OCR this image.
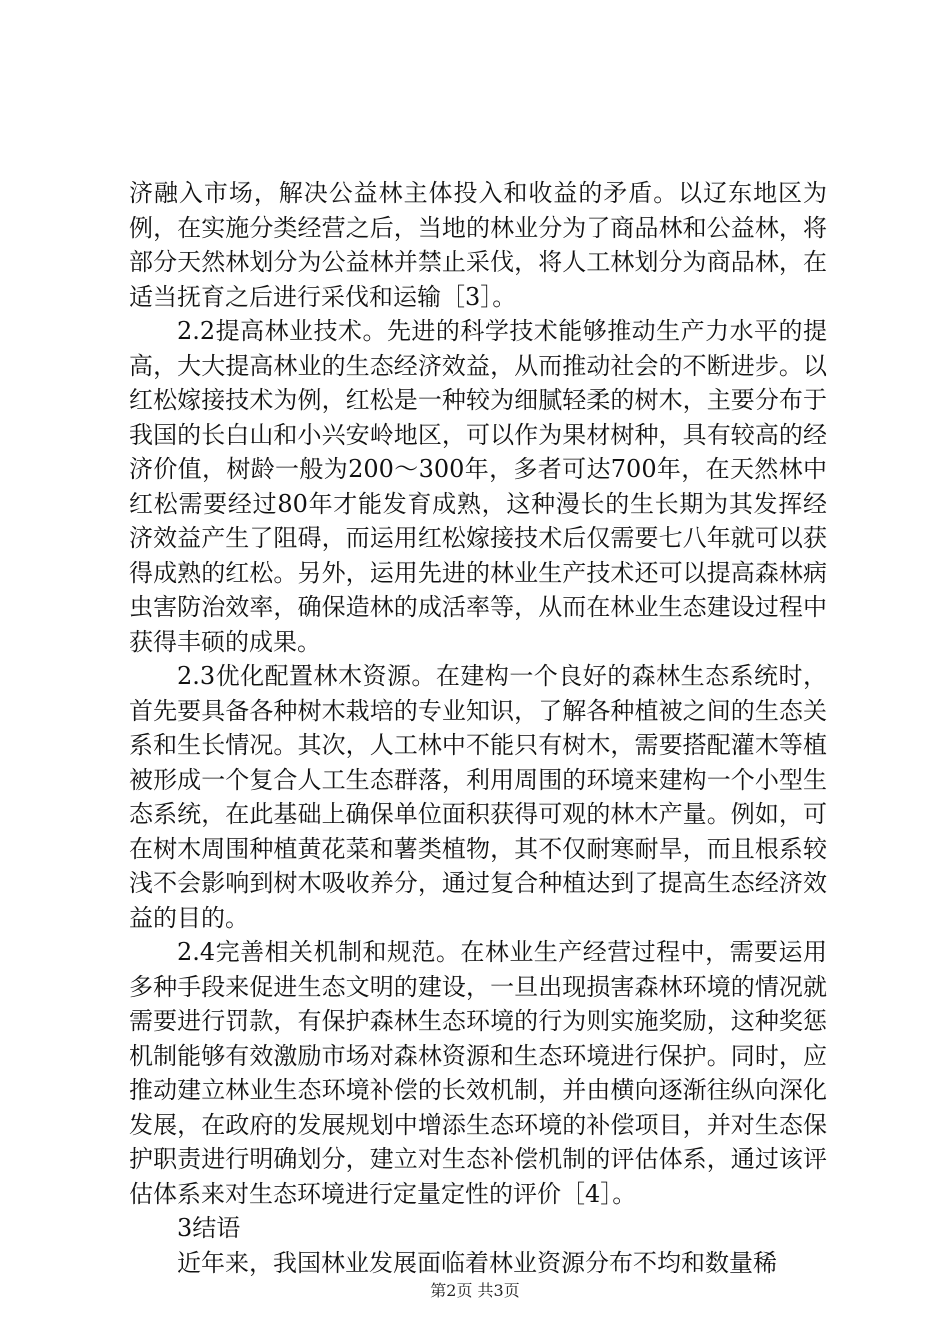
济融入市场，解决公益林主体投入和收益的矛盾。以辽东地区为例，在实施分类经营之后，当地的林业分为了商品林和公益林，将部分天然林划分为公益林并禁止采伐，将人工林划分为商品林，在适当抚育之后进行采伐和运输［3］。

2.2提高林业技术。先进的科学技术能够推动生产力水平的提高，大大提高林业的生态经济效益，从而推动社会的不断进步。以红松嫁接技术为例，红松是一种较为细腻轻柔的树木，主要分布于我国的长白山和小兴安岭地区，可以作为果材树种，具有较高的经济价值，树龄一般为200～300年，多者可达700年，在天然林中红松需要经过80年才能发育成熟，这种漫长的生长期为其发挥经济效益产生了阻碍，而运用红松嫁接技术后仅需要七八年就可以获得成熟的红松。另外，运用先进的林业生产技术还可以提高森林病虫害防治效率，确保造林的成活率等，从而在林业生态建设过程中获得丰硕的成果。

2.3优化配置林木资源。在建构一个良好的森林生态系统时，首先要具备各种树木栽培的专业知识，了解各种植被之间的生态关系和生长情况。其次，人工林中不能只有树木，需要搭配灌木等植被形成一个复合人工生态群落，利用周围的环境来建构一个小型生态系统，在此基础上确保单位面积获得可观的林木产量。例如，可在树木周围种植黄花菜和薯类植物，其不仅耐寒耐旱，而且根系较浅不会影响到树木吸收养分，通过复合种植达到了提高生态经济效益的目的。

2.4完善相关机制和规范。在林业生产经营过程中，需要运用多种手段来促进生态文明的建设，一旦出现损害森林环境的情况就需要进行罚款，有保护森林生态环境的行为则实施奖励，这种奖惩机制能够有效激励市场对森林资源和生态环境进行保护。同时，应推动建立林业生态环境补偿的长效机制，并由横向逐渐往纵向深化发展，在政府的发展规划中增添生态环境的补偿项目，并对生态保护职责进行明确划分，建立对生态补偿机制的评估体系，通过该评估体系来对生态环境进行定量定性的评价［4］。

3结语

近年来，我国林业发展面临着林业资源分布不均和数量稀

第2页 共3页
